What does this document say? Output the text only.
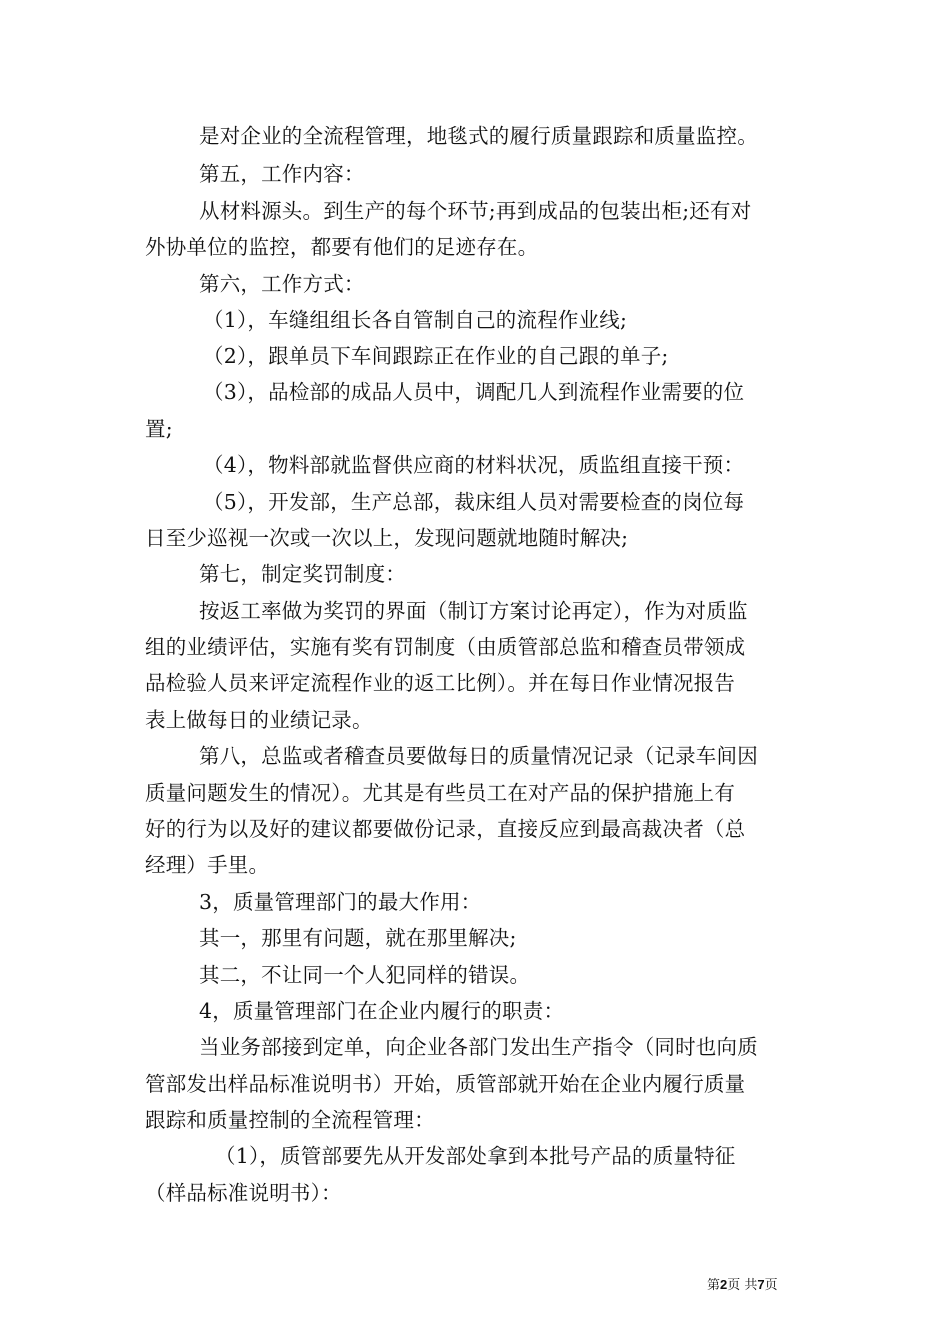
是对企业的全流程管理，地毯式的履行质量跟踪和质量监控。
第五，工作内容：
从材料源头。到生产的每个环节;再到成品的包装出柜;还有对
外协单位的监控，都要有他们的足迹存在。
第六，工作方式：
（1），车缝组组长各自管制自己的流程作业线;
（2），跟单员下车间跟踪正在作业的自己跟的单子;
（3），品检部的成品人员中，调配几人到流程作业需要的位
置;
（4），物料部就监督供应商的材料状况，质监组直接干预：
（5），开发部，生产总部，裁床组人员对需要检查的岗位每
日至少巡视一次或一次以上，发现问题就地随时解决;
第七，制定奖罚制度：
按返工率做为奖罚的界面（制订方案讨论再定），作为对质监
组的业绩评估，实施有奖有罚制度（由质管部总监和稽查员带领成
品检验人员来评定流程作业的返工比例）。并在每日作业情况报告
表上做每日的业绩记录。
第八，总监或者稽查员要做每日的质量情况记录（记录车间因
质量问题发生的情况）。尤其是有些员工在对产品的保护措施上有
好的行为以及好的建议都要做份记录，直接反应到最高裁决者（总
经理）手里。
3，质量管理部门的最大作用：
其一，那里有问题，就在那里解决;
其二，不让同一个人犯同样的错误。
4，质量管理部门在企业内履行的职责：
当业务部接到定单，向企业各部门发出生产指令（同时也向质
管部发出样品标准说明书）开始，质管部就开始在企业内履行质量
跟踪和质量控制的全流程管理：
（1），质管部要先从开发部处拿到本批号产品的质量特征
（样品标准说明书）：
第2页 共7页
